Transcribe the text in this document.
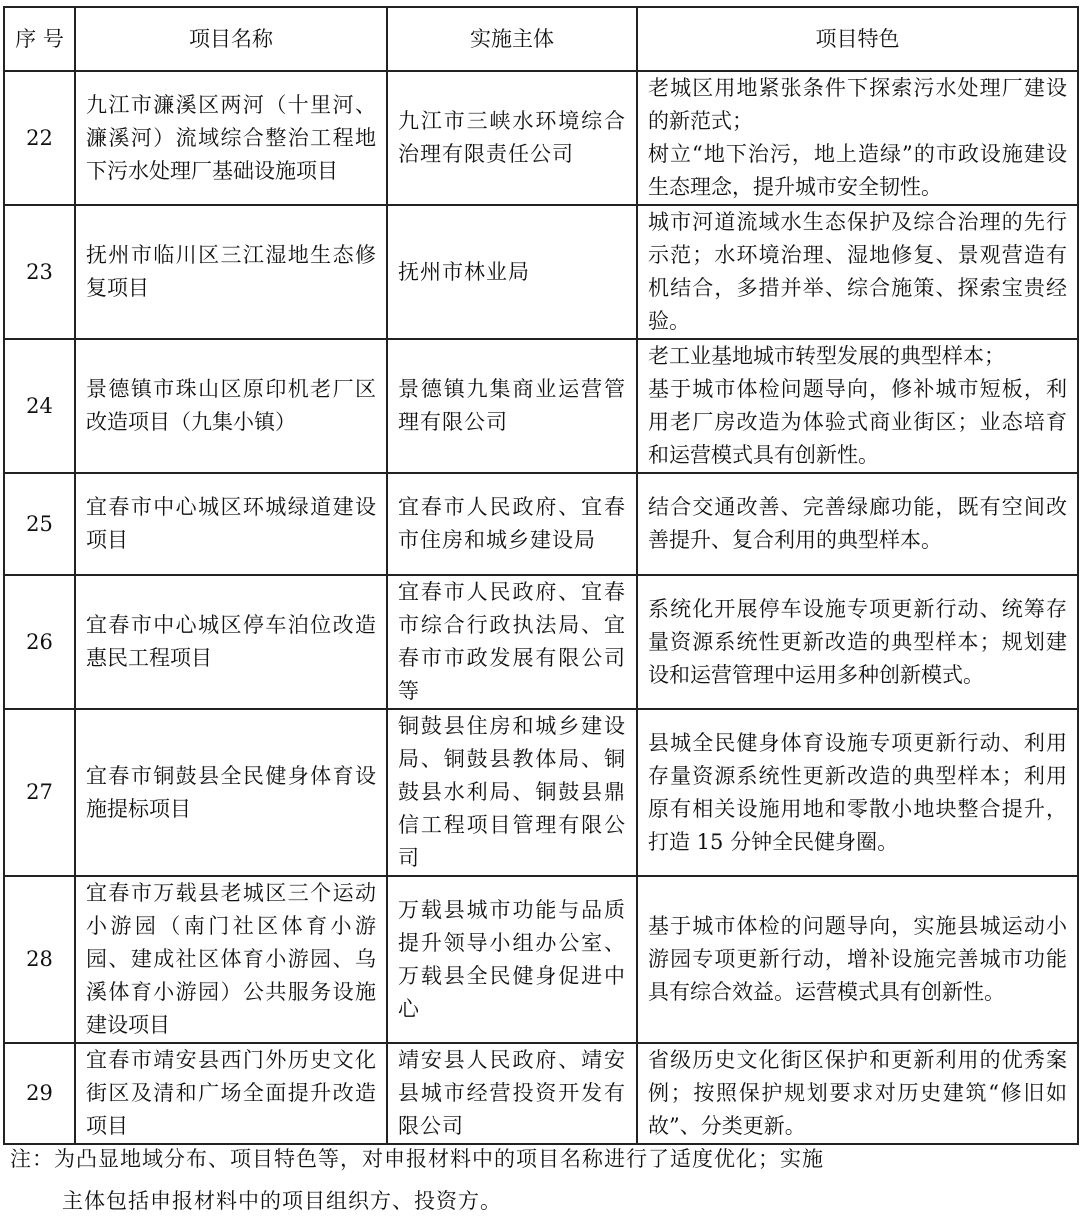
序 号	项目名称	实施主体	项目特色
22	九江市濂溪区两河（十里河、濂溪河）流域综合整治工程地下污水处理厂基础设施项目	九江市三峡水环境综合治理有限责任公司	老城区用地紧张条件下探索污水处理厂建设的新范式；
树立“地下治污，地上造绿”的市政设施建设生态理念，提升城市安全韧性。

23	抚州市临川区三江湿地生态修复项目	抚州市林业局	城市河道流域水生态保护及综合治理的先行示范；水环境治理、湿地修复、景观营造有机结合，多措并举、综合施策、探索宝贵经验。

24	景德镇市珠山区原印机老厂区改造项目（九集小镇）	景德镇九集商业运营管理有限公司	老工业基地城市转型发展的典型样本；
基于城市体检问题导向，修补城市短板，利用老厂房改造为体验式商业街区；业态培育和运营模式具有创新性。

25	宜春市中心城区环城绿道建设项目	宜春市人民政府、宜春市住房和城乡建设局	结合交通改善、完善绿廊功能，既有空间改善提升、复合利用的典型样本。

26	宜春市中心城区停车泊位改造惠民工程项目	宜春市人民政府、宜春市综合行政执法局、宜春市市政发展有限公司等	系统化开展停车设施专项更新行动、统筹存量资源系统性更新改造的典型样本；规划建设和运营管理中运用多种创新模式。

27	宜春市铜鼓县全民健身体育设施提标项目	铜鼓县住房和城乡建设局、铜鼓县教体局、铜鼓县水利局、铜鼓县鼎信工程项目管理有限公司	县城全民健身体育设施专项更新行动、利用存量资源系统性更新改造的典型样本；利用原有相关设施用地和零散小地块整合提升，打造 15 分钟全民健身圈。

28	宜春市万载县老城区三个运动小游园（南门社区体育小游园、建成社区体育小游园、乌溪体育小游园）公共服务设施建设项目	万载县城市功能与品质提升领导小组办公室、万载县全民健身促进中心	基于城市体检的问题导向，实施县城运动小游园专项更新行动，增补设施完善城市功能具有综合效益。运营模式具有创新性。

29	宜春市靖安县西门外历史文化街区及清和广场全面提升改造项目	靖安县人民政府、靖安县城市经营投资开发有限公司	省级历史文化街区保护和更新利用的优秀案例；按照保护规划要求对历史建筑“修旧如故”、分类更新。
注：为凸显地域分布、项目特色等，对申报材料中的项目名称进行了适度优化；实施
主体包括申报材料中的项目组织方、投资方。
